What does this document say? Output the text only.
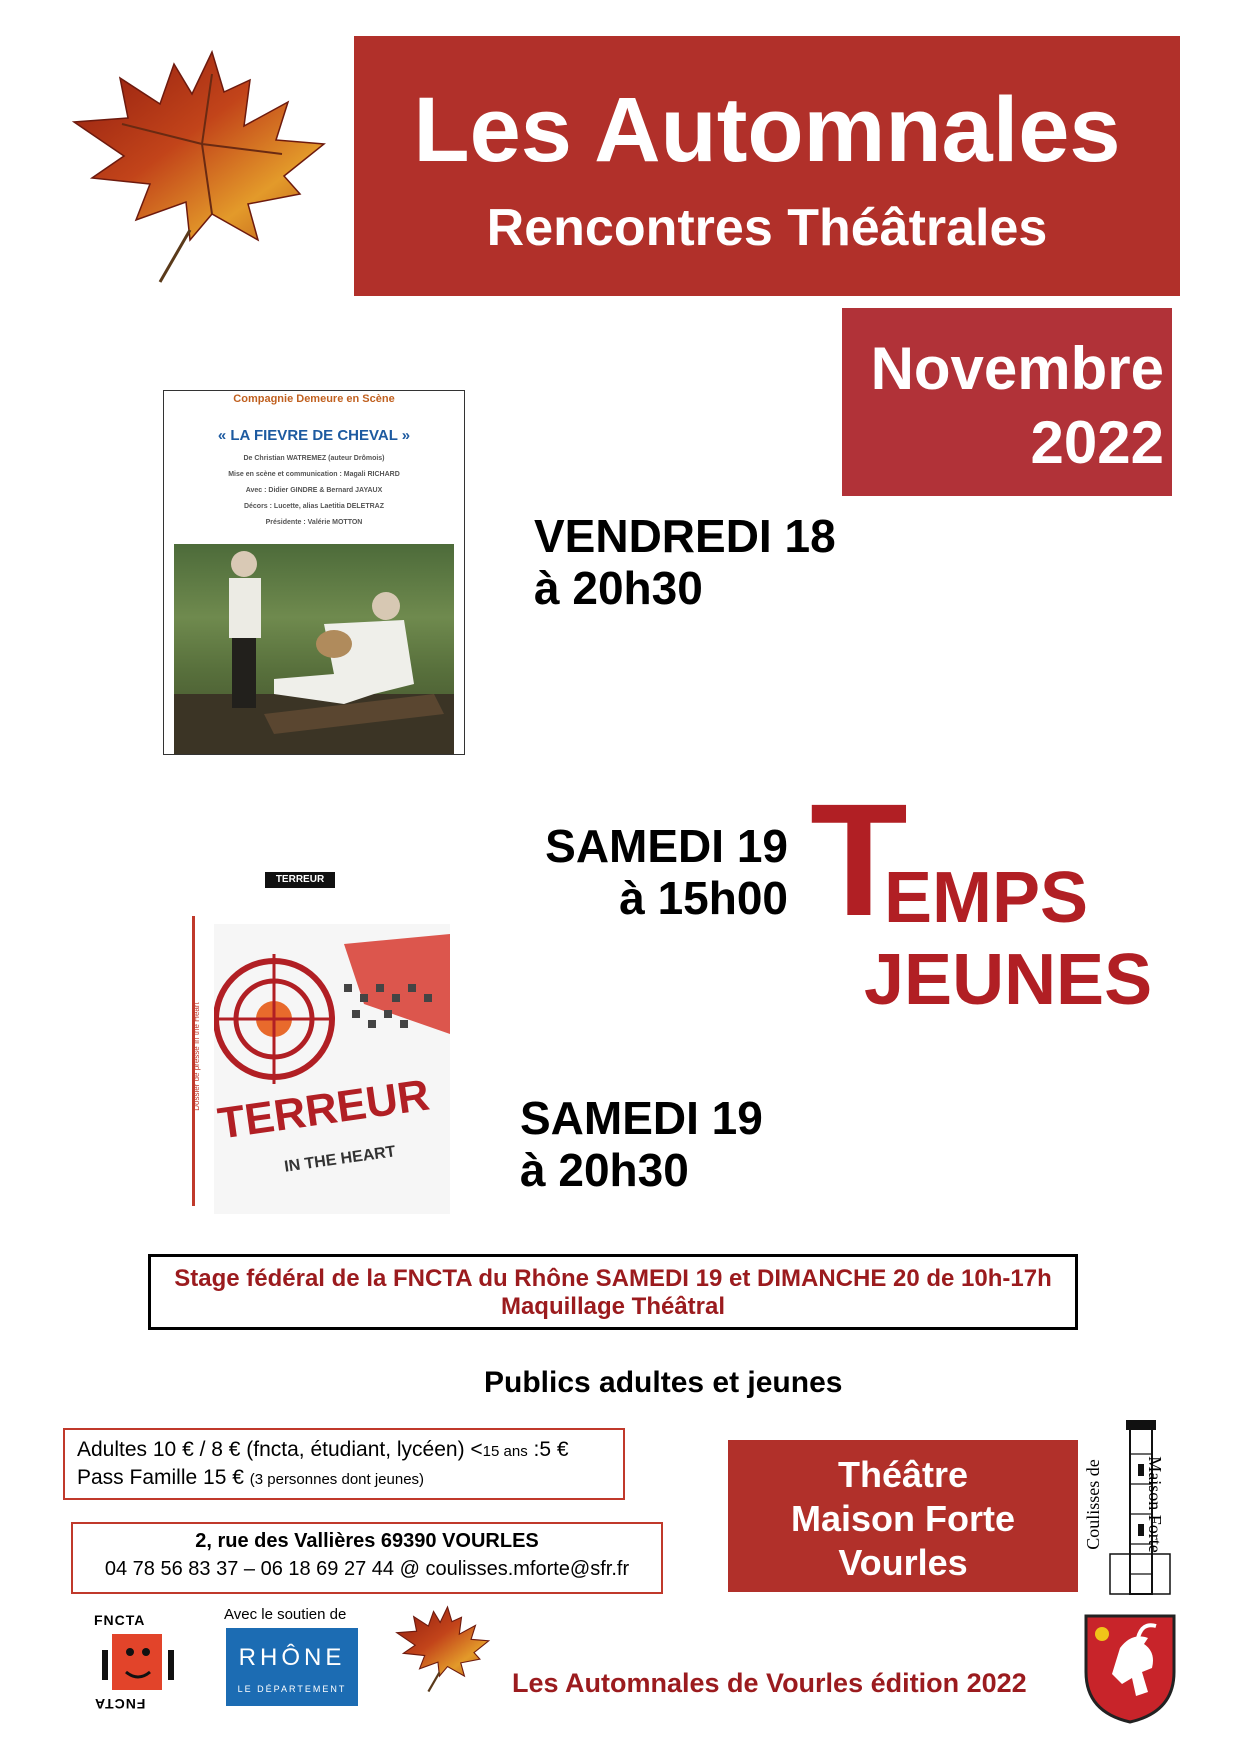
Les Automnales
Rencontres Théâtrales
Novembre
2022
Compagnie Demeure en Scène
« LA FIEVRE DE CHEVAL »
De Christian WATREMEZ (auteur Drômois)
Mise en scène et communication : Magali RICHARD
Avec : Didier GINDRE & Bernard JAYAUX
Décors : Lucette, alias Laetitia DELETRAZ
Présidente : Valérie MOTTON
TERREUR
Dossier de presse In the Heart TERREUR
IN THE HEART
VENDREDI 18
à 20h30
SAMEDI 19
à 15h00
SAMEDI 19
à 20h30
T
EMPS
JEUNES
Stage fédéral de la FNCTA du Rhône SAMEDI 19 et DIMANCHE 20 de 10h-17h
Maquillage Théâtral
Publics adultes et jeunes
Adultes 10 € / 8 € (fncta, étudiant, lycéen) <15 ans :5 €
Pass Famille 15 € (3 personnes dont jeunes)
2, rue des Vallières 69390 VOURLES
04 78 56 83 37 – 06 18 69 27 44 @ coulisses.mforte@sfr.fr
Théâtre
Maison Forte
Vourles
Coulisses de Maison Forte
FNCTA
FNCTA
Avec le soutien de
RHÔNE
LE DÉPARTEMENT	Les Automnales de Vourles édition 2022
